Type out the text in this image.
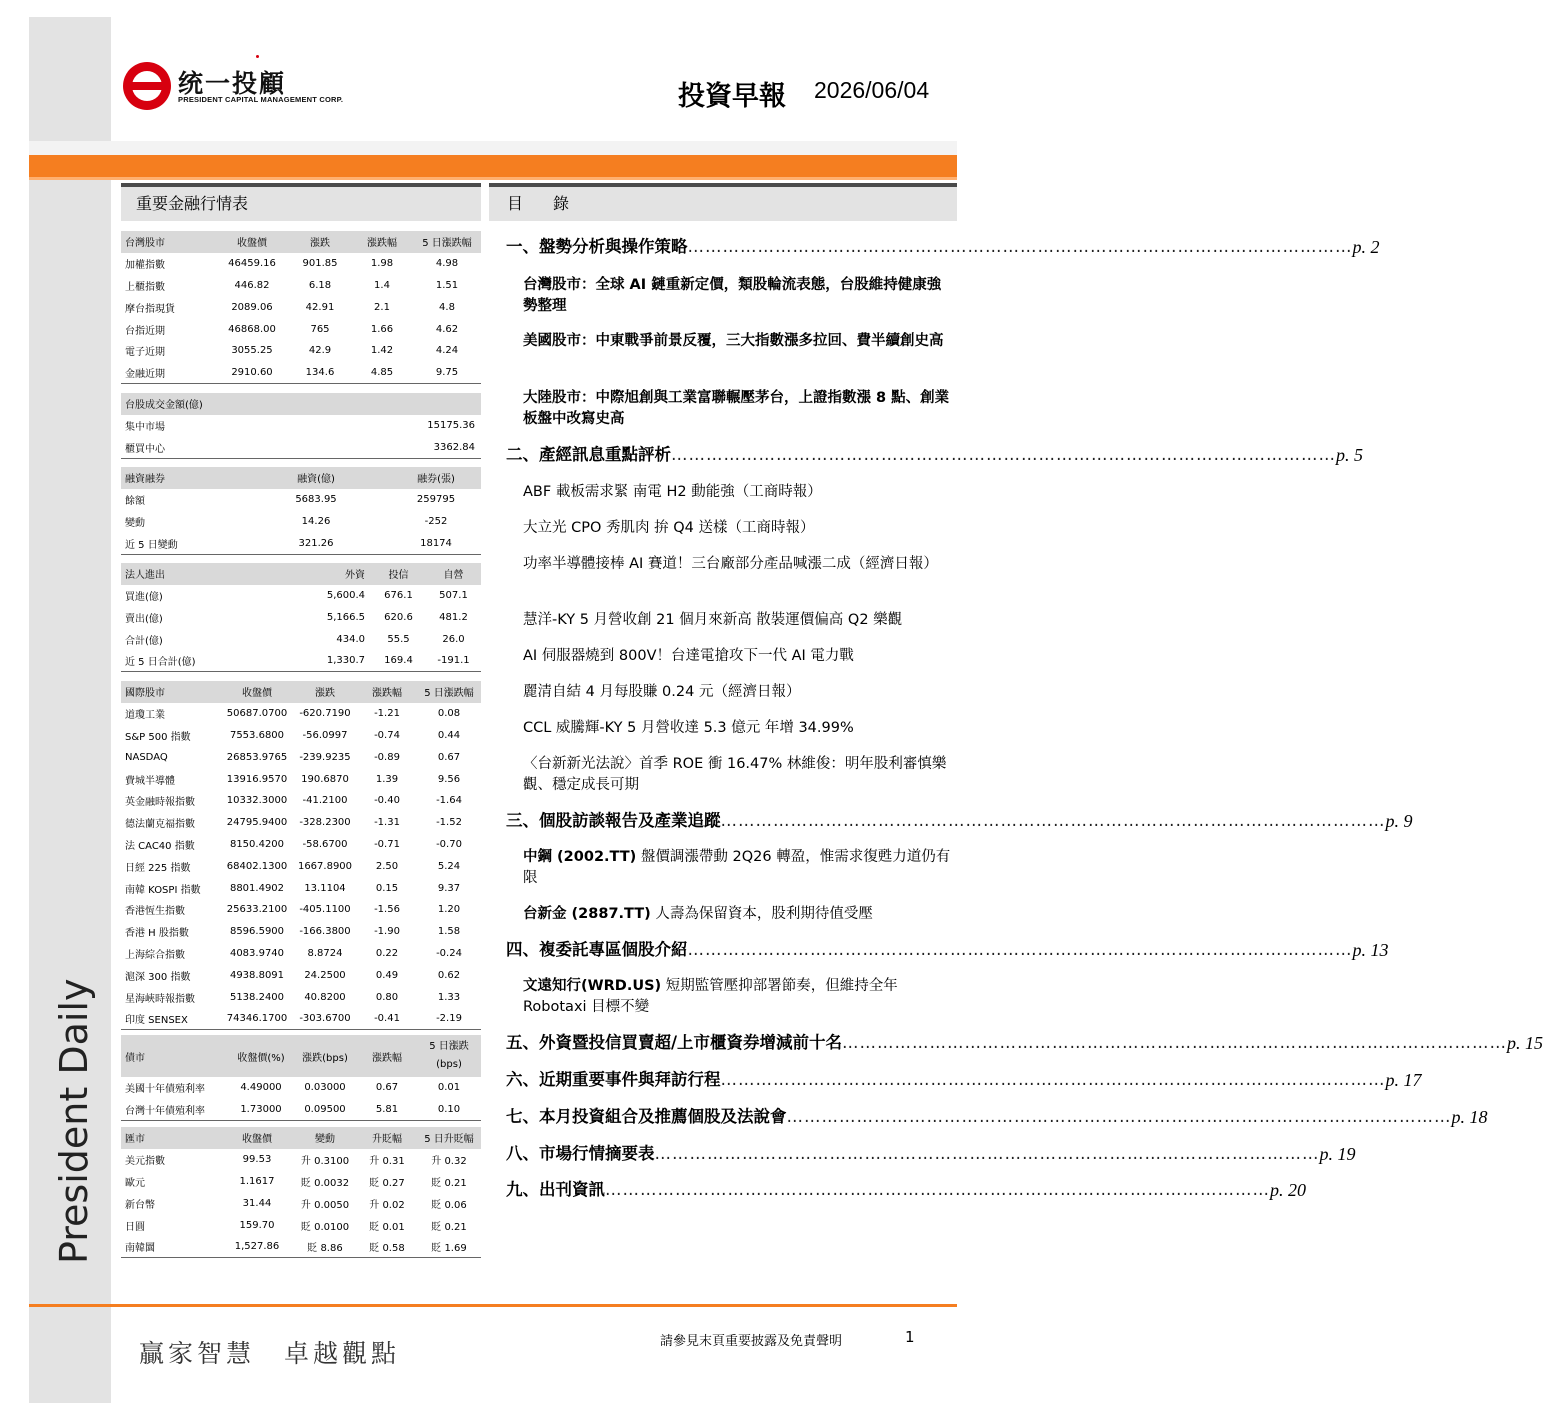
President Daily
统一投顧
PRESIDENT CAPITAL MANAGEMENT CORP.	投資早報 2026/06/04
重要金融行情表	目錄
台灣股市	收盤價	漲跌	漲跌幅	5 日漲跌幅
加權指數	46459.16	901.85	1.98	4.98
上櫃指數	446.82	6.18	1.4	1.51
摩台指現貨	2089.06	42.91	2.1	4.8
台指近期	46868.00	765	1.66	4.62
電子近期	3055.25	42.9	1.42	4.24
金融近期	2910.60	134.6	4.85	9.75
台股成交金額(億)	
集中市場	15175.36
櫃買中心	3362.84
融資融券	融資(億)	融券(張)
餘額	5683.95	259795
變動	14.26	-252
近 5 日變動	321.26	18174
法人進出	外資	投信	自營
買進(億)	5,600.4	676.1	507.1
賣出(億)	5,166.5	620.6	481.2
合計(億)	434.0	55.5	26.0
近 5 日合計(億)	1,330.7	169.4	-191.1
國際股市	收盤價	漲跌	漲跌幅	5 日漲跌幅
道瓊工業	50687.0700	-620.7190	-1.21	0.08
S&P 500 指數	7553.6800	-56.0997	-0.74	0.44
NASDAQ	26853.9765	-239.9235	-0.89	0.67
費城半導體	13916.9570	190.6870	1.39	9.56
英金融時報指數	10332.3000	-41.2100	-0.40	-1.64
德法蘭克福指數	24795.9400	-328.2300	-1.31	-1.52
法 CAC40 指數	8150.4200	-58.6700	-0.71	-0.70
日經 225 指數	68402.1300	1667.8900	2.50	5.24
南韓 KOSPI 指數	8801.4902	13.1104	0.15	9.37
香港恆生指數	25633.2100	-405.1100	-1.56	1.20
香港 H 股指數	8596.5900	-166.3800	-1.90	1.58
上海綜合指數	4083.9740	8.8724	0.22	-0.24
滬深 300 指數	4938.8091	24.2500	0.49	0.62
星海峽時報指數	5138.2400	40.8200	0.80	1.33
印度 SENSEX	74346.1700	-303.6700	-0.41	-2.19
債市	收盤價(%)	漲跌(bps)	漲跌幅	5 日漲跌
(bps)
美國十年債殖利率	4.49000	0.03000	0.67	0.01
台灣十年債殖利率	1.73000	0.09500	5.81	0.10
匯市	收盤價	變動	升貶幅	5 日升貶幅
美元指數	99.53	升 0.3100	升 0.31	升 0.32
歐元	1.1617	貶 0.0032	貶 0.27	貶 0.21
新台幣	31.44	升 0.0050	升 0.02	貶 0.06
日圓	159.70	貶 0.0100	貶 0.01	貶 0.21
南韓圜	1,527.86	貶 8.86	貶 0.58	貶 1.69
一、盤勢分析與操作策略 …………………………………………………………………………………………………… p. 2
台灣股市：全球 AI 鏈重新定價，類股輪流表態，台股維持健康強勢整理
美國股市：中東戰爭前景反覆，三大指數漲多拉回、費半續創史高
大陸股市：中際旭創與工業富聯輾壓茅台，上證指數漲 8 點、創業板盤中改寫史高
二、產經訊息重點評析 …………………………………………………………………………………………………… p. 5
ABF 載板需求緊 南電 H2 動能強（工商時報）
大立光 CPO 秀肌肉 拚 Q4 送樣（工商時報）
功率半導體接棒 AI 賽道！三台廠部分產品喊漲二成（經濟日報）
慧洋-KY 5 月營收創 21 個月來新高 散裝運價偏高 Q2 樂觀
AI 伺服器燒到 800V！台達電搶攻下一代 AI 電力戰
麗清自結 4 月每股賺 0.24 元（經濟日報）
CCL 威騰輝-KY 5 月營收達 5.3 億元 年增 34.99%
〈台新新光法說〉首季 ROE 衝 16.47% 林維俊：明年股利審慎樂觀、穩定成長可期
三、個股訪談報告及產業追蹤 …………………………………………………………………………………………………… p. 9
中鋼 (2002.TT) 盤價調漲帶動 2Q26 轉盈，惟需求復甦力道仍有限
台新金 (2887.TT) 人壽為保留資本，股利期待值受壓
四、複委託專區個股介紹 …………………………………………………………………………………………………… p. 13
文遠知行(WRD.US) 短期監管壓抑部署節奏，但維持全年 Robotaxi 目標不變
五、外資暨投信買賣超/上市櫃資券增減前十名 …………………………………………………………………………………………………… p. 15
六、近期重要事件與拜訪行程 …………………………………………………………………………………………………… p. 17
七、本月投資組合及推薦個股及法說會 …………………………………………………………………………………………………… p. 18
八、市場行情摘要表 …………………………………………………………………………………………………… p. 19
九、出刊資訊 …………………………………………………………………………………………………… p. 20
贏家智慧　卓越觀點	請參見末頁重要披露及免責聲明	1
